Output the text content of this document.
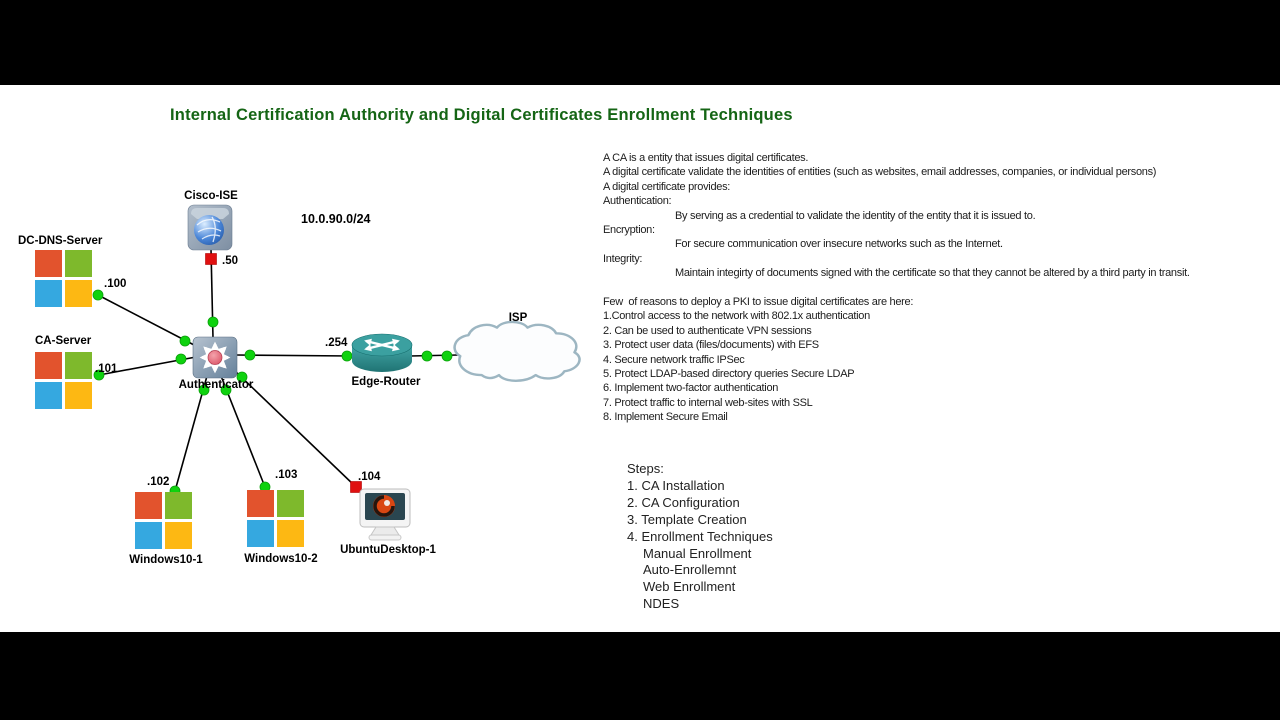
Internal Certification Authority and Digital Certificates Enrollment Techniques
Cisco-ISE
DC-DNS-Server
CA-Server
Authenticator	Edge-Router
ISP
Windows10-1	Windows10-2
UbuntuDesktop-1
.50
.100
.101
.254
.102
.103	.104
10.0.90.0/24
A CA is a entity that issues digital certificates.
A digital certificate validate the identities of entities (such as websites, email addresses, companies, or individual persons)
A digital certificate provides:
Authentication:
By serving as a credential to validate the identity of the entity that it is issued to.
Encryption:
For secure communication over insecure networks such as the Internet.
Integrity:
Maintain integirty of documents signed with the certificate so that they cannot be altered by a third party in transit.
Few  of reasons to deploy a PKI to issue digital certificates are here:
1.Control access to the network with 802.1x authentication
2. Can be used to authenticate VPN sessions
3. Protect user data (files/documents) with EFS
4. Secure network traffic IPSec
5. Protect LDAP-based directory queries Secure LDAP
6. Implement two-factor authentication
7. Protect traffic to internal web-sites with SSL
8. Implement Secure Email
Steps:
1. CA Installation
2. CA Configuration
3. Template Creation
4. Enrollment Techniques
Manual Enrollment
Auto-Enrollemnt
Web Enrollment
NDES
